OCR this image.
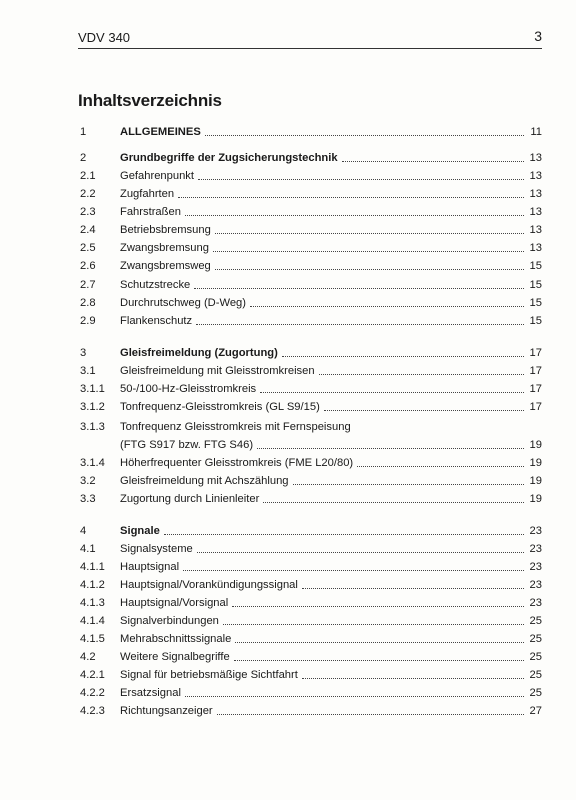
VDV 340	3
Inhaltsverzeichnis
1	ALLGEMEINES	11
2	Grundbegriffe der Zugsicherungstechnik	13
2.1	Gefahrenpunkt	13
2.2	Zugfahrten	13
2.3	Fahrstraßen	13
2.4	Betriebsbremsung	13
2.5	Zwangsbremsung	13
2.6	Zwangsbremsweg	15
2.7	Schutzstrecke	15
2.8	Durchrutschweg (D-Weg)	15
2.9	Flankenschutz	15
3	Gleisfreimeldung (Zugortung)	17
3.1	Gleisfreimeldung mit Gleisstromkreisen	17
3.1.1	50-/100-Hz-Gleisstromkreis	17
3.1.2	Tonfrequenz-Gleisstromkreis (GL S9/15)	17
3.1.3	Tonfrequenz Gleisstromkreis mit Fernspeisung
(FTG S917 bzw. FTG S46)	19
3.1.4	Höherfrequenter Gleisstromkreis (FME L20/80)	19
3.2	Gleisfreimeldung mit Achszählung	19
3.3	Zugortung durch Linienleiter	19
4	Signale	23
4.1	Signalsysteme	23
4.1.1	Hauptsignal	23
4.1.2	Hauptsignal/Vorankündigungssignal	23
4.1.3	Hauptsignal/Vorsignal	23
4.1.4	Signalverbindungen	25
4.1.5	Mehrabschnittssignale	25
4.2	Weitere Signalbegriffe	25
4.2.1	Signal für betriebsmäßige Sichtfahrt	25
4.2.2	Ersatzsignal	25
4.2.3	Richtungsanzeiger	27
